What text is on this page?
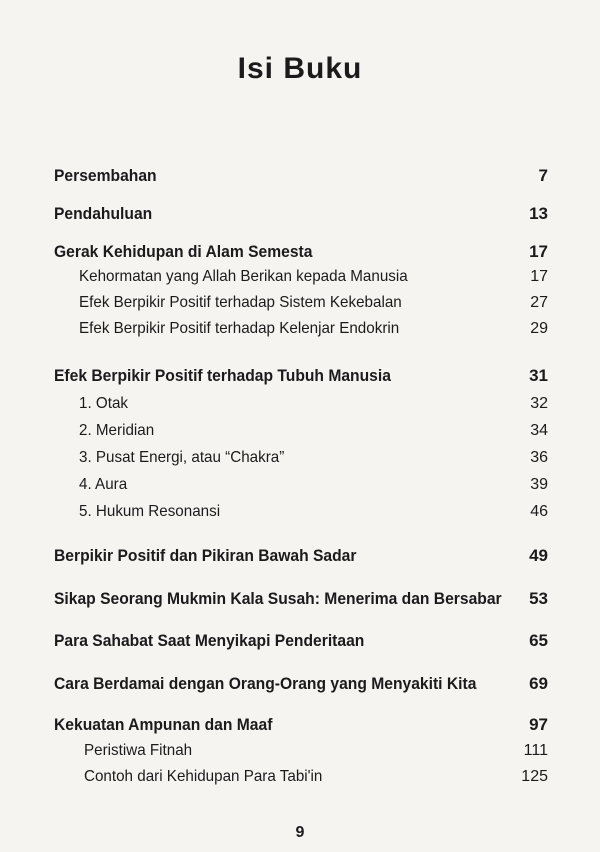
Isi Buku
Persembahan	7
Pendahuluan	13
Gerak Kehidupan di Alam Semesta	17
Kehormatan yang Allah Berikan kepada Manusia	17
Efek Berpikir Positif terhadap Sistem Kekebalan	27
Efek Berpikir Positif terhadap Kelenjar Endokrin	29
Efek Berpikir Positif terhadap Tubuh Manusia	31
1. Otak	32
2. Meridian	34
3. Pusat Energi, atau “Chakra”	36
4. Aura	39
5. Hukum Resonansi	46
Berpikir Positif dan Pikiran Bawah Sadar	49
Sikap Seorang Mukmin Kala Susah: Menerima dan Bersabar 53
Para Sahabat Saat Menyikapi Penderitaan	65
Cara Berdamai dengan Orang-Orang yang Menyakiti Kita	69
Kekuatan Ampunan dan Maaf	97
Peristiwa Fitnah	111
Contoh dari Kehidupan Para Tabi'in	125
9
